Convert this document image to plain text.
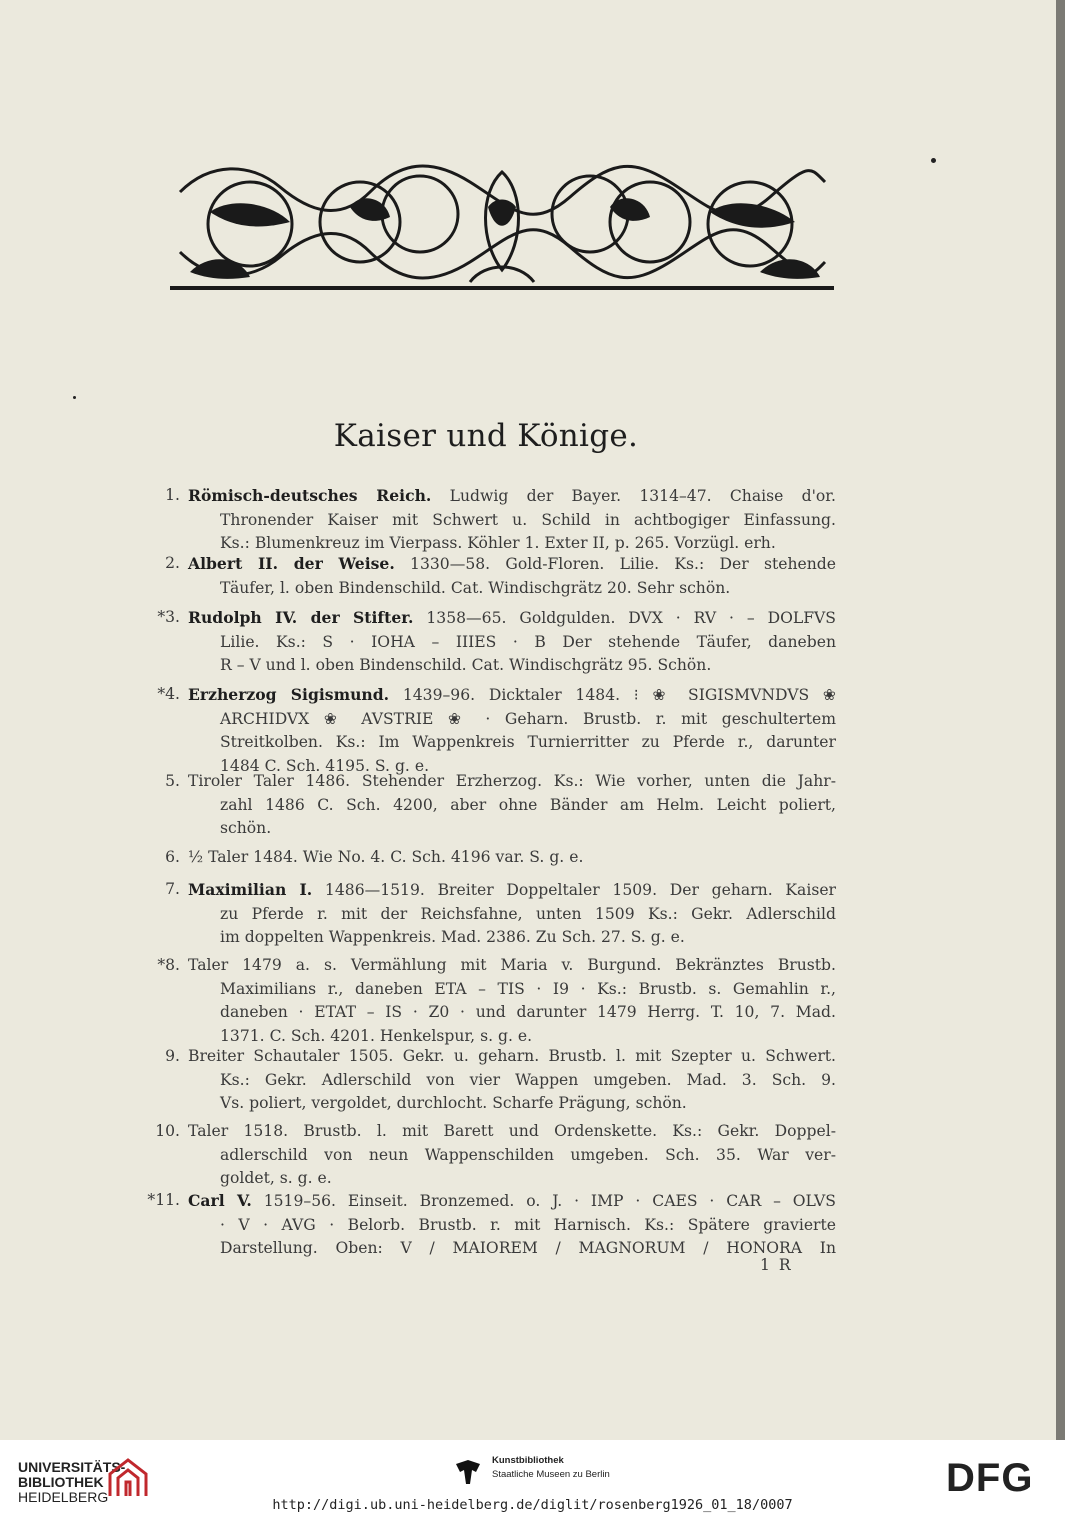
Kaiser und Könige.
1. Römisch-deutsches Reich. Ludwig der Bayer. 1314–47. Chaise d'or.
Thronender Kaiser mit Schwert u. Schild in achtbogiger Einfassung.
Ks.: Blumenkreuz im Vierpass. Köhler 1. Exter II, p. 265. Vorzügl. erh.
2. Albert II. der Weise. 1330—58. Gold-Floren. Lilie. Ks.: Der stehende
Täufer, l. oben Bindenschild. Cat. Windischgrätz 20. Sehr schön.
*3. Rudolph IV. der Stifter. 1358—65. Goldgulden. DVX · RV · – DOLFVS
Lilie. Ks.: S · IOHA – IIIES · B Der stehende Täufer, daneben
R – V und l. oben Bindenschild. Cat. Windischgrätz 95. Schön.
*4. Erzherzog Sigismund. 1439–96. Dicktaler 1484. ⁝ ❀ SIGISMVNDVS ❀
ARCHIDVX ❀ AVSTRIE ❀ · Geharn. Brustb. r. mit geschultertem
Streitkolben. Ks.: Im Wappenkreis Turnierritter zu Pferde r., darunter
1484 C. Sch. 4195. S. g. e.
5. Tiroler Taler 1486. Stehender Erzherzog. Ks.: Wie vorher, unten die Jahr-
zahl 1486 C. Sch. 4200, aber ohne Bänder am Helm. Leicht poliert,
schön.
6. ½ Taler 1484. Wie No. 4. C. Sch. 4196 var. S. g. e.
7. Maximilian I. 1486—1519. Breiter Doppeltaler 1509. Der geharn. Kaiser
zu Pferde r. mit der Reichsfahne, unten 1509 Ks.: Gekr. Adlerschild
im doppelten Wappenkreis. Mad. 2386. Zu Sch. 27. S. g. e.
*8. Taler 1479 a. s. Vermählung mit Maria v. Burgund. Bekränztes Brustb.
Maximilians r., daneben ETA – TIS · I9 · Ks.: Brustb. s. Gemahlin r.,
daneben · ETAT – IS · Z0 · und darunter 1479 Herrg. T. 10, 7. Mad.
1371. C. Sch. 4201. Henkelspur, s. g. e.
9. Breiter Schautaler 1505. Gekr. u. geharn. Brustb. l. mit Szepter u. Schwert.
Ks.: Gekr. Adlerschild von vier Wappen umgeben. Mad. 3. Sch. 9.
Vs. poliert, vergoldet, durchlocht. Scharfe Prägung, schön.
10. Taler 1518. Brustb. l. mit Barett und Ordenskette. Ks.: Gekr. Doppel-
adlerschild von neun Wappenschilden umgeben. Sch. 35. War ver-
goldet, s. g. e.
*11. Carl V. 1519–56. Einseit. Bronzemed. o. J. · IMP · CAES · CAR – OLVS
· V · AVG · Belorb. Brustb. r. mit Harnisch. Ks.: Spätere gravierte
Darstellung. Oben: V / MAIOREM / MAGNORUM / HONORA In
1 R
UNIVERSITÄTS-
BIBLIOTHEK
HEIDELBERG
Kunstbibliothek
Staatliche Museen zu Berlin	DFG
http://digi.ub.uni-heidelberg.de/diglit/rosenberg1926_01_18/0007
